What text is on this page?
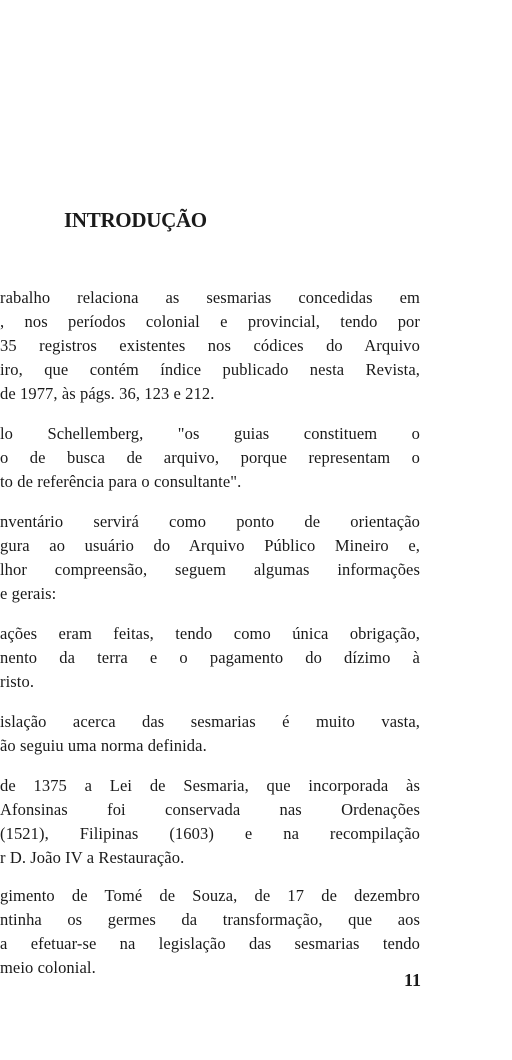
INTRODUÇÃO
rabalho relaciona as sesmarias concedidas em
, nos períodos colonial e provincial, tendo por
35 registros existentes nos códices do Arquivo
iro, que contém índice publicado nesta Revista,
de 1977, às págs. 36, 123 e 212.
lo Schellemberg, "os guias constituem o
o de busca de arquivo, porque representam o
to de referência para o consultante".
nventário servirá como ponto de orientação
gura ao usuário do Arquivo Público Mineiro e,
lhor compreensão, seguem algumas informações
e gerais:
ações eram feitas, tendo como única obrigação,
nento da terra e o pagamento do dízimo à
risto.
islação acerca das sesmarias é muito vasta,
ão seguiu uma norma definida.
de 1375 a Lei de Sesmaria, que incorporada às
Afonsinas foi conservada nas Ordenações
(1521), Filipinas (1603) e na recompilação
r D. João IV a Restauração.
gimento de Tomé de Souza, de 17 de dezembro
ntinha os germes da transformação, que aos
a efetuar-se na legislação das sesmarias tendo
meio colonial.
11
